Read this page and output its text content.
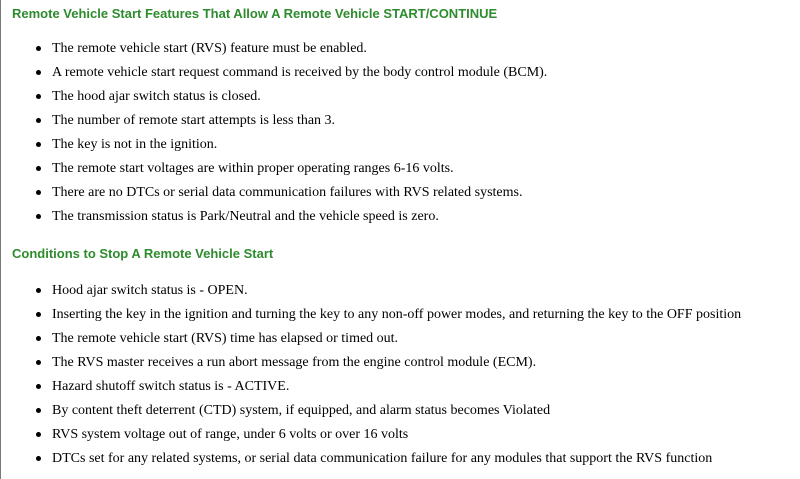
Remote Vehicle Start Features That Allow A Remote Vehicle START/CONTINUE
The remote vehicle start (RVS) feature must be enabled.
A remote vehicle start request command is received by the body control module (BCM).
The hood ajar switch status is closed.
The number of remote start attempts is less than 3.
The key is not in the ignition.
The remote start voltages are within proper operating ranges 6-16 volts.
There are no DTCs or serial data communication failures with RVS related systems.
The transmission status is Park/Neutral and the vehicle speed is zero.
Conditions to Stop A Remote Vehicle Start
Hood ajar switch status is - OPEN.
Inserting the key in the ignition and turning the key to any non-off power modes, and returning the key to the OFF position
The remote vehicle start (RVS) time has elapsed or timed out.
The RVS master receives a run abort message from the engine control module (ECM).
Hazard shutoff switch status is - ACTIVE.
By content theft deterrent (CTD) system, if equipped, and alarm status becomes Violated
RVS system voltage out of range, under 6 volts or over 16 volts
DTCs set for any related systems, or serial data communication failure for any modules that support the RVS function
